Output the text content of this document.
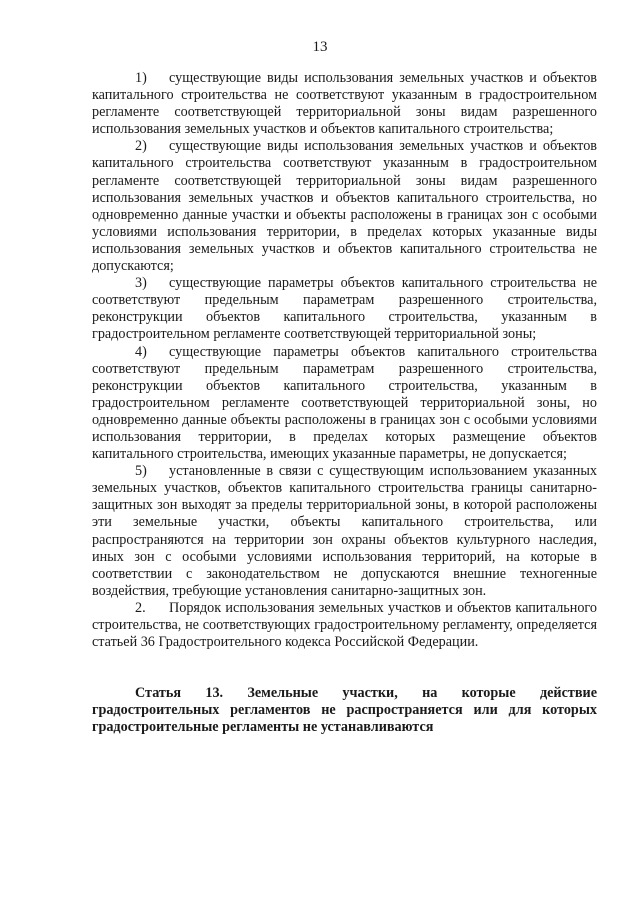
13

1) существующие виды использования земельных участков и объектов капитального строительства не соответствуют указанным в градостроительном регламенте соответствующей территориальной зоны видам разрешенного использования земельных участков и объектов капитального строительства;

2) существующие виды использования земельных участков и объектов капитального строительства соответствуют указанным в градостроительном регламенте соответствующей территориальной зоны видам разрешенного использования земельных участков и объектов капитального строительства, но одновременно данные участки и объекты расположены в границах зон с особыми условиями использования территории, в пределах которых указанные виды использования земельных участков и объектов капитального строительства не допускаются;

3) существующие параметры объектов капитального строительства не соответствуют предельным параметрам разрешенного строительства, реконструкции объектов капитального строительства, указанным в градостроительном регламенте соответствующей территориальной зоны;

4) существующие параметры объектов капитального строительства соответствуют предельным параметрам разрешенного строительства, реконструкции объектов капитального строительства, указанным в градостроительном регламенте соответствующей территориальной зоны, но одновременно данные объекты расположены в границах зон с особыми условиями использования территории, в пределах которых размещение объектов капитального строительства, имеющих указанные параметры, не допускается;

5) установленные в связи с существующим использованием указанных земельных участков, объектов капитального строительства границы санитарно-защитных зон выходят за пределы территориальной зоны, в которой расположены эти земельные участки, объекты капитального строительства, или распространяются на территории зон охраны объектов культурного наследия, иных зон с особыми условиями использования территорий, на которые в соответствии с законодательством не допускаются внешние техногенные воздействия, требующие установления санитарно-защитных зон.

2. Порядок использования земельных участков и объектов капитального строительства, не соответствующих градостроительному регламенту, определяется статьей 36 Градостроительного кодекса Российской Федерации.

Статья 13. Земельные участки, на которые действие градостроительных регламентов не распространяется или для которых градостроительные регламенты не устанавливаются
